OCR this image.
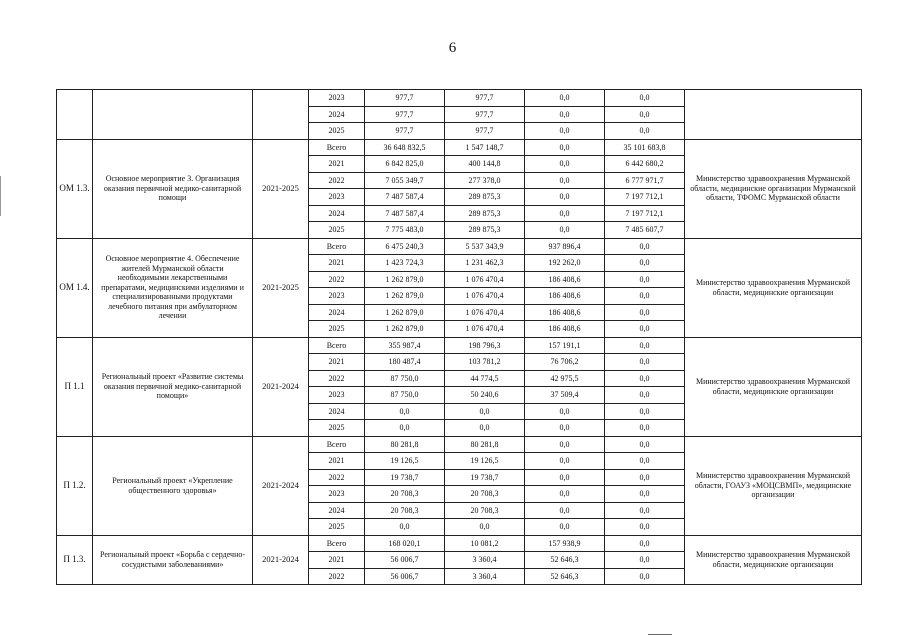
6
			2023	977,7	977,7	0,0	0,0	
			2024	977,7	977,7	0,0	0,0	
			2025	977,7	977,7	0,0	0,0	
ОМ 1.3.	Основное мероприятие 3. Организация оказания первичной медико-санитарной помощи	2021-2025	Всего	36 648 832,5	1 547 148,7	0,0	35 101 683,8	Министерство здравоохранения Мурманской области, медицинские организации Мурманской области, ТФОМС Мурманской области
			2021	6 842 825,0	400 144,8	0,0	6 442 680,2	
			2022	7 055 349,7	277 378,0	0,0	6 777 971,7	
			2023	7 487 587,4	289 875,3	0,0	7 197 712,1	
			2024	7 487 587,4	289 875,3	0,0	7 197 712,1	
			2025	7 775 483,0	289 875,3	0,0	7 485 607,7	
ОМ 1.4.	Основное мероприятие 4. Обеспечение жителей Мурманской области необходимыми лекарственными препаратами, медицинскими изделиями и специализированными продуктами лечебного питания при амбулаторном лечении	2021-2025	Всего	6 475 240,3	5 537 343,9	937 896,4	0,0	Министерство здравоохранения Мурманской области, медицинские организации
			2021	1 423 724,3	1 231 462,3	192 262,0	0,0	
			2022	1 262 879,0	1 076 470,4	186 408,6	0,0	
			2023	1 262 879,0	1 076 470,4	186 408,6	0,0	
			2024	1 262 879,0	1 076 470,4	186 408,6	0,0	
			2025	1 262 879,0	1 076 470,4	186 408,6	0,0	
П 1.1	Региональный проект «Развитие системы оказания первичной медико-санитарной помощи»	2021-2024	Всего	355 987,4	198 796,3	157 191,1	0,0	Министерство здравоохранения Мурманской области, медицинские организации
			2021	180 487,4	103 781,2	76 706,2	0,0	
			2022	87 750,0	44 774,5	42 975,5	0,0	
			2023	87 750,0	50 240,6	37 509,4	0,0	
			2024	0,0	0,0	0,0	0,0	
			2025	0,0	0,0	0,0	0,0	
П 1.2.	Региональный проект «Укрепление общественного здоровья»	2021-2024	Всего	80 281,8	80 281,8	0,0	0,0	Министерство здравоохранения Мурманской области, ГОАУЗ «МОЦСВМП», медицинские организации
			2021	19 126,5	19 126,5	0,0	0,0	
			2022	19 738,7	19 738,7	0,0	0,0	
			2023	20 708,3	20 708,3	0,0	0,0	
			2024	20 708,3	20 708,3	0,0	0,0	
			2025	0,0	0,0	0,0	0,0	
П 1.3.	Региональный проект «Борьба с сердечно-сосудистыми заболеваниями»	2021-2024	Всего	168 020,1	10 081,2	157 938,9	0,0	Министерство здравоохранения Мурманской области, медицинские организации
			2021	56 006,7	3 360,4	52 646,3	0,0	
			2022	56 006,7	3 360,4	52 646,3	0,0	
